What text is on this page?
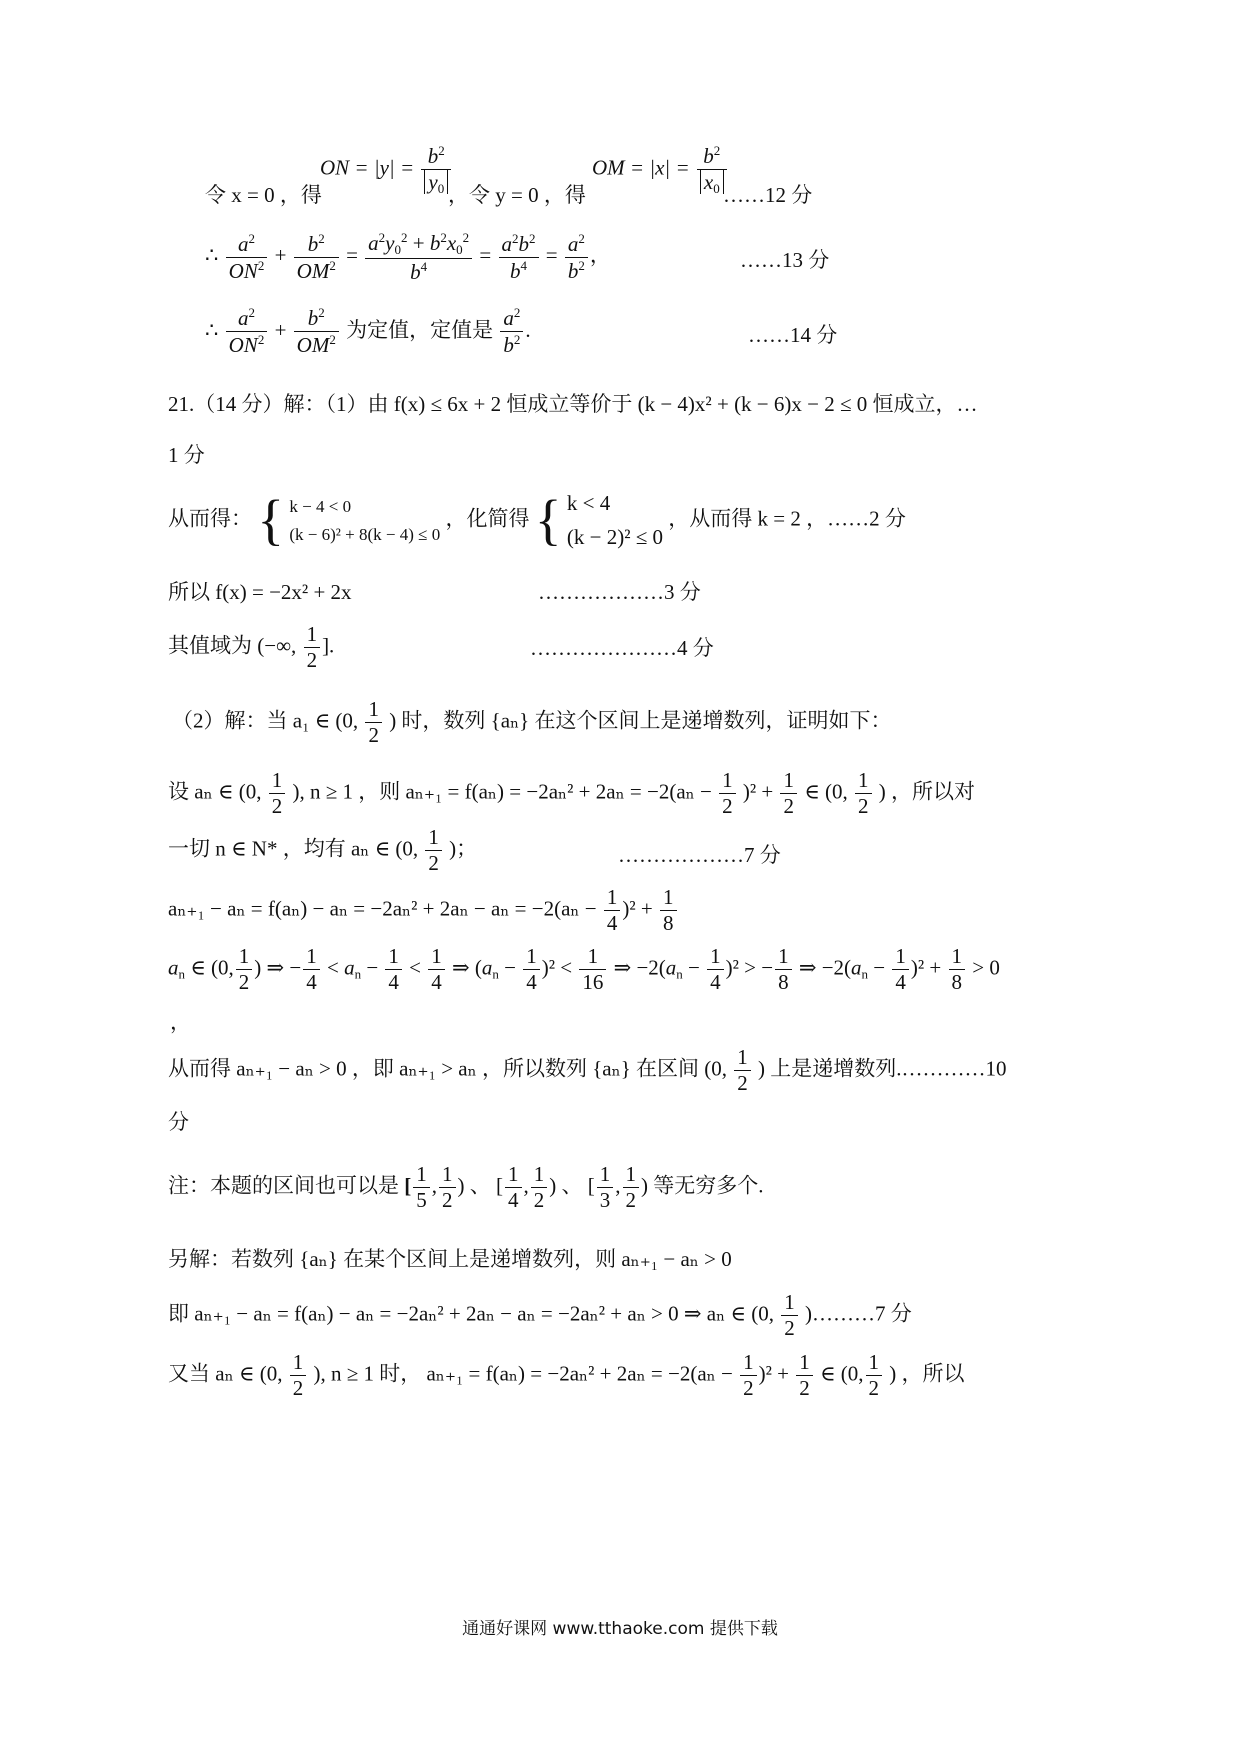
令 x = 0 ，得
ON = $|y| = \frac{b^2}{y_0}$
，令 y = 0 ，得
OM = $|x| = \frac{b^2}{x_0}$
……12 分
∴ $\frac{a^2}{ON^2} + \frac{b^2}{OM^2} = \frac{a^2y_0^2 + b^2x_0^2}{b^4} = \frac{a^2b^2}{b^4} = \frac{a^2}{b^2}$ ，	……13 分
∴ $\frac{a^2}{ON^2} + \frac{b^2}{OM^2}$ 为定值，定值是 $\frac{a^2}{b^2}$ .	……14 分
21.（14 分）解：（1）由 f(x) ≤ 6x + 2 恒成立等价于 (k − 4)x² + (k − 6)x − 2 ≤ 0 恒成立，…
1 分
从而得： { k − 4 < 0
(k − 6)² + 8(k − 4) ≤ 0
，化简得 { k < 4
(k − 2)² ≤ 0
，从而得 k = 2 ，……2 分
所以 f(x) = −2x² + 2x	………………3 分
其值域为 (−∞, $\frac{1}{2}$ ].	…………………4 分
（2）解：当 a₁ ∈ (0, $\frac{1}{2}$ ) 时，数列 {aₙ} 在这个区间上是递增数列，证明如下：
设 aₙ ∈ (0, $\frac{1}{2}$ ), n ≥ 1 ，则 $a_{n+1} = f(a_n) = -2a_n^2 + 2a_n = -2(a_n - \frac{1}{2} )^2 + \frac{1}{2}$ ∈ (0, $\frac{1}{2}$ ) ，所以对
一切 n ∈ N* ，均有 aₙ ∈ (0, $\frac{1}{2}$ )；	………………7 分
$a_{n+1} - a_n = f(a_n) - a_n = -2a_n^2 + 2a_n - a_n = -2(a_n - \frac{1}{4} )^2 + \frac{1}{8}$
$a_n$ ∈ (0, $\frac{1}{2}$ ) ⇒ − $\frac{1}{4} < a_n - \frac{1}{4} < \frac{1}{4}$ ⇒ $(a_n - \frac{1}{4} )^2 < \frac{1}{16}$ ⇒ $-2(a_n - \frac{1}{4} )^2$ > − $\frac{1}{8}$ ⇒ $-2(a_n - \frac{1}{4} )^2 + \frac{1}{8} > 0$
，
从而得 aₙ₊₁ − aₙ > 0 ，即 aₙ₊₁ > aₙ ，所以数列 {aₙ} 在区间 (0, $\frac{1}{2}$ ) 上是递增数列.…………10
分
注：本题的区间也可以是 [ $\frac{1}{5}$ , $\frac{1}{2}$ ) 、 [ $\frac{1}{4}$ , $\frac{1}{2}$ ) 、 [ $\frac{1}{3}$ , $\frac{1}{2}$ ) 等无穷多个.
另解：若数列 {aₙ} 在某个区间上是递增数列，则 aₙ₊₁ − aₙ > 0
即 aₙ₊₁ − aₙ = f(aₙ) − aₙ = −2aₙ² + 2aₙ − aₙ = −2aₙ² + aₙ > 0 ⇒ aₙ ∈ (0, $\frac{1}{2}$ )………7 分
又当 aₙ ∈ (0, $\frac{1}{2}$ ), n ≥ 1 时， $a_{n+1} = f(a_n) = -2a_n^2 + 2a_n = -2(a_n - \frac{1}{2} )^2 + \frac{1}{2}$ ∈ (0, $\frac{1}{2}$ ) ，所以
通通好课网 www.tthaoke.com 提供下载
